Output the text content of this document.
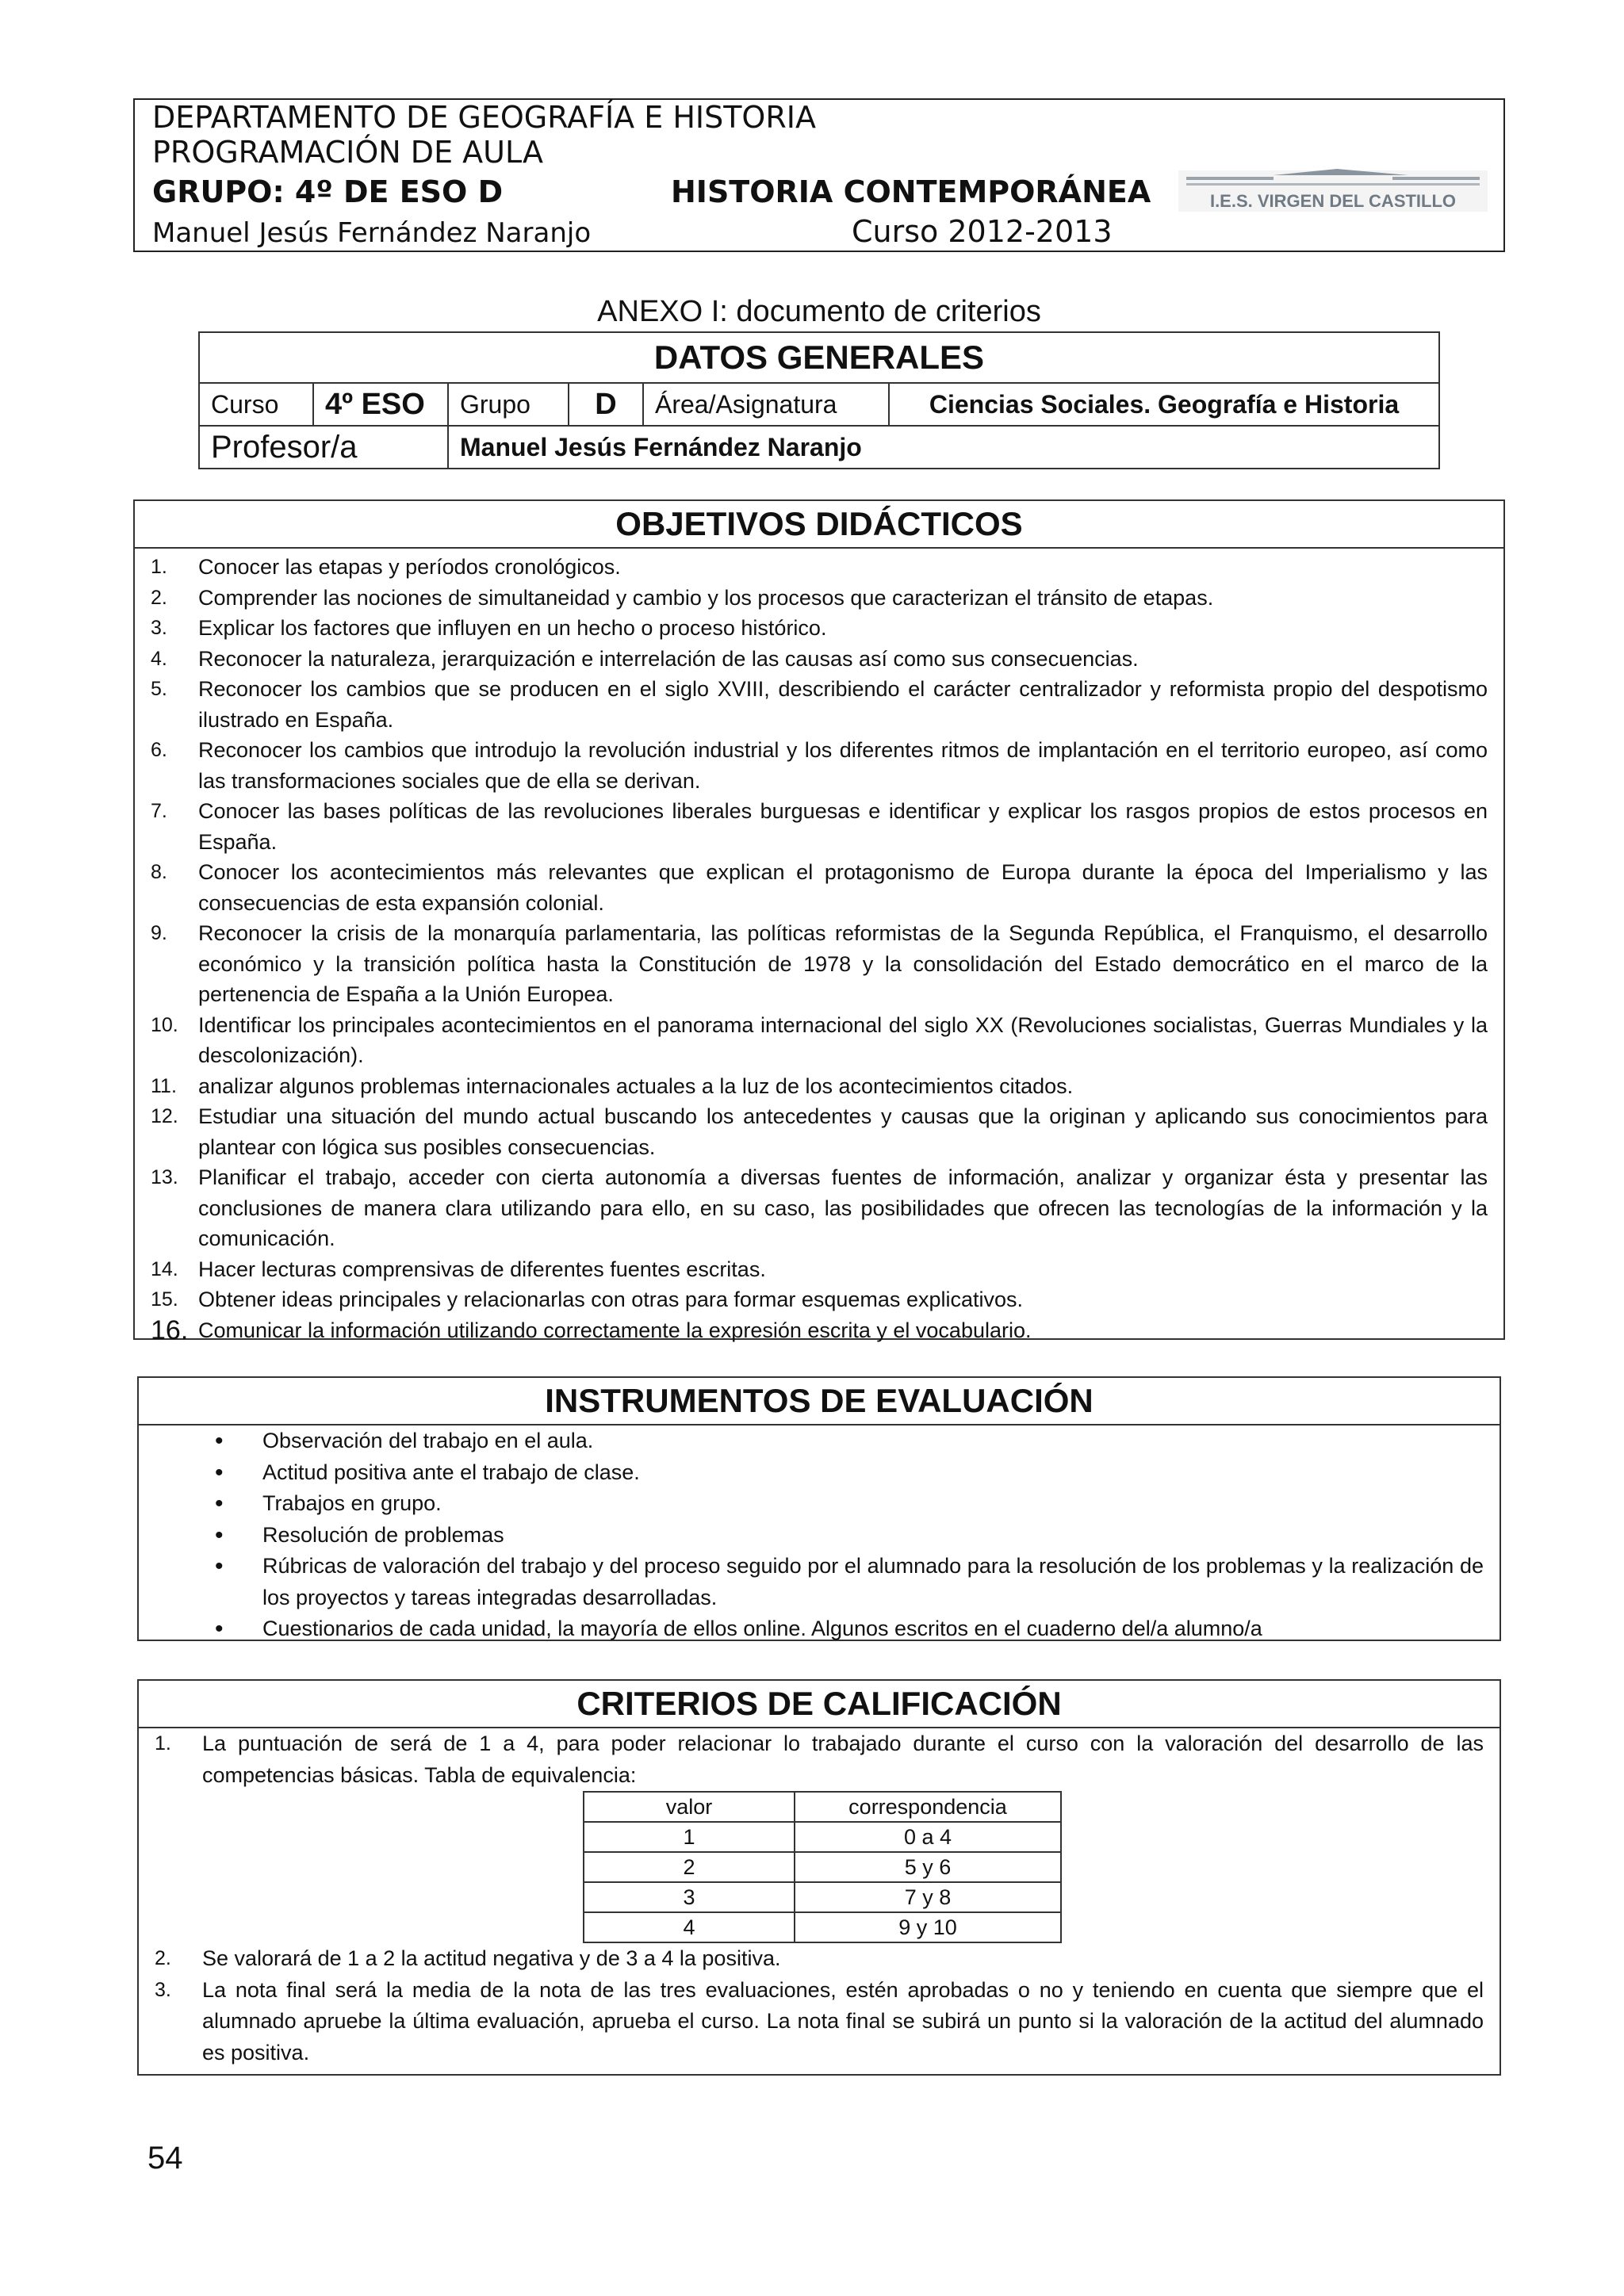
DEPARTAMENTO DE GEOGRAFÍA E HISTORIA
PROGRAMACIÓN DE AULA
GRUPO: 4º DE ESO D	HISTORIA CONTEMPORÁNEA
Manuel Jesús Fernández Naranjo	Curso 2012-2013
I.E.S. VIRGEN DEL CASTILLO
ANEXO I: documento de criterios
DATOS GENERALES					
Curso	4º ESO	Grupo	D	Área/Asignatura	Ciencias Sociales. Geografía e Historia
Profesor/a		Manuel Jesús Fernández Naranjo			
OBJETIVOS DIDÁCTICOS
1.	Conocer las etapas y períodos cronológicos.
2.	Comprender las nociones de simultaneidad y cambio y los procesos que caracterizan el tránsito de etapas.
3.	Explicar los factores que influyen en un hecho o proceso histórico.
4.	Reconocer la naturaleza, jerarquización e interrelación de las causas así como sus consecuencias.
5.	Reconocer los cambios que se producen en el siglo XVIII, describiendo el carácter centralizador y reformista propio del despotismo ilustrado en España.
6.	Reconocer los cambios que introdujo la revolución industrial y los diferentes ritmos de implantación en el territorio europeo, así como las transformaciones sociales que de ella se derivan.
7.	Conocer las bases políticas de las revoluciones liberales burguesas e identificar y explicar los rasgos propios de estos procesos en España.
8.	Conocer los acontecimientos más relevantes que explican el protagonismo de Europa durante la época del Imperialismo y las consecuencias de esta expansión colonial.
9.	Reconocer la crisis de la monarquía parlamentaria, las políticas reformistas de la Segunda República, el Franquismo, el desarrollo económico y la transición política hasta la Constitución de 1978 y la consolidación del Estado democrático en el marco de la pertenencia de España a la Unión Europea.
10. Identificar los principales acontecimientos en el panorama internacional del siglo XX (Revoluciones socialistas, Guerras Mundiales y la descolonización).
11.	analizar algunos problemas internacionales actuales a la luz de los acontecimientos citados.
12. Estudiar una situación del mundo actual buscando los antecedentes y causas que la originan y aplicando sus conocimientos para plantear con lógica sus posibles consecuencias.
13. Planificar el trabajo, acceder con cierta autonomía a diversas fuentes de información, analizar y organizar ésta y presentar las conclusiones de manera clara utilizando para ello, en su caso, las posibilidades que ofrecen las tecnologías de la información y la comunicación.
14. Hacer lecturas comprensivas de diferentes fuentes escritas.
15. Obtener ideas principales y relacionarlas con otras para formar esquemas explicativos.
16. Comunicar la información utilizando correctamente la expresión escrita y el vocabulario.
INSTRUMENTOS DE EVALUACIÓN
• Observación del trabajo en el aula.
• Actitud positiva ante el trabajo de clase.
• Trabajos en grupo.
• Resolución de problemas
• Rúbricas de valoración del trabajo y del proceso seguido por el alumnado para la resolución de los problemas y la realización de los proyectos y tareas integradas desarrolladas.
• Cuestionarios de cada unidad, la mayoría de ellos online. Algunos escritos en el cuaderno del/a alumno/a
CRITERIOS DE CALIFICACIÓN
1. La puntuación de será de 1 a 4, para poder relacionar lo trabajado durante el curso con la valoración del desarrollo de las competencias básicas. Tabla de equivalencia:
valor	correspondencia
1	0 a 4
2	5 y 6
3	7 y 8
4	9 y 10
2. Se valorará de 1 a 2 la actitud negativa y de 3 a 4 la positiva.
3. La nota final será la media de la nota de las tres evaluaciones, estén aprobadas o no y teniendo en cuenta que siempre que el alumnado apruebe la última evaluación, aprueba el curso. La nota final se subirá un punto si la valoración de la actitud del alumnado es positiva.
54
